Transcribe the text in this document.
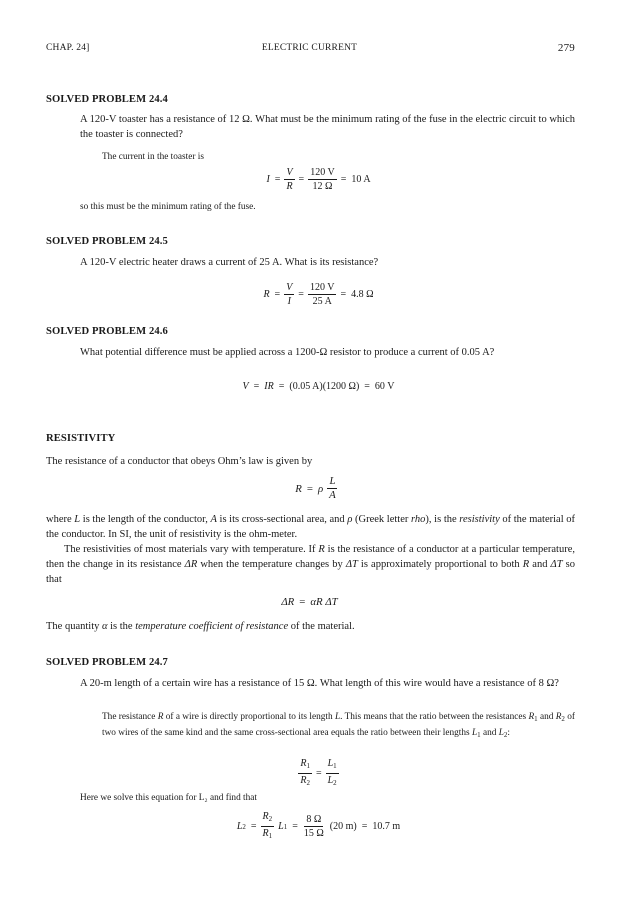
CHAP. 24]	ELECTRIC CURRENT	279
SOLVED PROBLEM 24.4
A 120-V toaster has a resistance of 12 Ω. What must be the minimum rating of the fuse in the electric circuit to which the toaster is connected?
The current in the toaster is
$I = \frac{V}{R} = \frac{120 V}{12 \Omega} = 10$ A
so this must be the minimum rating of the fuse.
SOLVED PROBLEM 24.5
A 120-V electric heater draws a current of 25 A. What is its resistance?
$R = \frac{V}{I} = \frac{120 V}{25 A} = 4.8$ Ω
SOLVED PROBLEM 24.6
What potential difference must be applied across a 1200-Ω resistor to produce a current of 0.05 A?
V = IR = (0.05 A)(1200 Ω) = 60 V
RESISTIVITY
The resistance of a conductor that obeys Ohm’s law is given by
R = ρ $\frac{L}{A}$
where L is the length of the conductor, A is its cross-sectional area, and ρ (Greek letter rho), is the resistivity of the material of the conductor. In SI, the unit of resistivity is the ohm-meter.
The resistivities of most materials vary with temperature. If R is the resistance of a conductor at a particular temperature, then the change in its resistance ΔR when the temperature changes by ΔT is approximately proportional to both R and ΔT so that
ΔR = αR ΔT
The quantity α is the temperature coefficient of resistance of the material.
SOLVED PROBLEM 24.7
A 20-m length of a certain wire has a resistance of 15 Ω. What length of this wire would have a resistance of 8 Ω?
The resistance R of a wire is directly proportional to its length L. This means that the ratio between the resistances $R_1$ and $R_2$ of two wires of the same kind and the same cross-sectional area equals the ratio between their lengths $L_1$ and $L_2$:
$\frac{R_1}{R_2} = \frac{L_1}{L_2}$
Here we solve this equation for L₂ and find that
L $2 = \frac{R_2}{R_1}$ L $1 = \frac{8 \Omega}{15 \Omega} (20$ m) = 10.7 m
